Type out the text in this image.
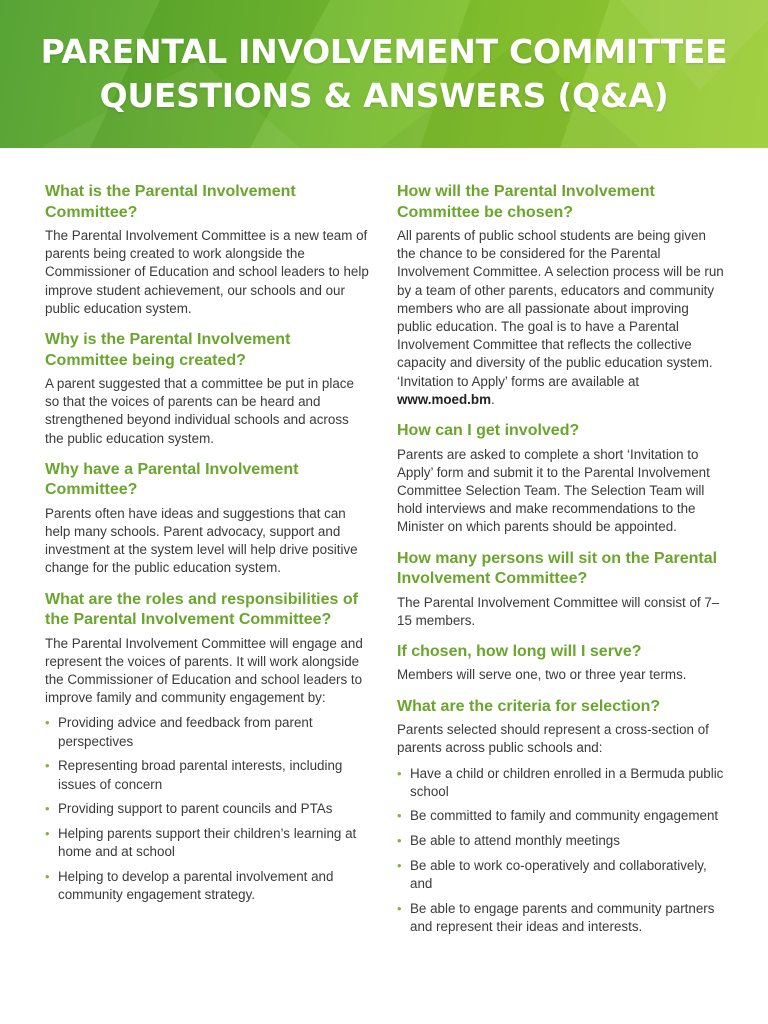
PARENTAL INVOLVEMENT COMMITTEE
QUESTIONS & ANSWERS (Q&A)
What is the Parental Involvement Committee?
The Parental Involvement Committee is a new team of parents being created to work alongside the Commissioner of Education and school leaders to help improve student achievement, our schools and our public education system.
Why is the Parental Involvement Committee being created?
A parent suggested that a committee be put in place so that the voices of parents can be heard and strengthened beyond individual schools and across the public education system.
Why have a Parental Involvement Committee?
Parents often have ideas and suggestions that can help many schools. Parent advocacy, support and investment at the system level will help drive positive change for the public education system.
What are the roles and responsibilities of the Parental Involvement Committee?
The Parental Involvement Committee will engage and represent the voices of parents. It will work alongside the Commissioner of Education and school leaders to improve family and community engagement by:
• Providing advice and feedback from parent perspectives
• Representing broad parental interests, including issues of concern
• Providing support to parent councils and PTAs
• Helping parents support their children’s learning at home and at school
• Helping to develop a parental involvement and community engagement strategy.
How will the Parental Involvement Committee be chosen?
All parents of public school students are being given the chance to be considered for the Parental Involvement Committee. A selection process will be run by a team of other parents, educators and community members who are all passionate about improving public education. The goal is to have a Parental Involvement Committee that reflects the collective capacity and diversity of the public education system. ‘Invitation to Apply’ forms are available at www.moed.bm.
How can I get involved?
Parents are asked to complete a short ‘Invitation to Apply’ form and submit it to the Parental Involvement Committee Selection Team. The Selection Team will hold interviews and make recommendations to the Minister on which parents should be appointed.
How many persons will sit on the Parental Involvement Committee?
The Parental Involvement Committee will consist of 7–15 members.
If chosen, how long will I serve?
Members will serve one, two or three year terms.
What are the criteria for selection?
Parents selected should represent a cross-section of parents across public schools and:
• Have a child or children enrolled in a Bermuda public school
• Be committed to family and community engagement
• Be able to attend monthly meetings
• Be able to work co-operatively and collaboratively, and
• Be able to engage parents and community partners and represent their ideas and interests.
